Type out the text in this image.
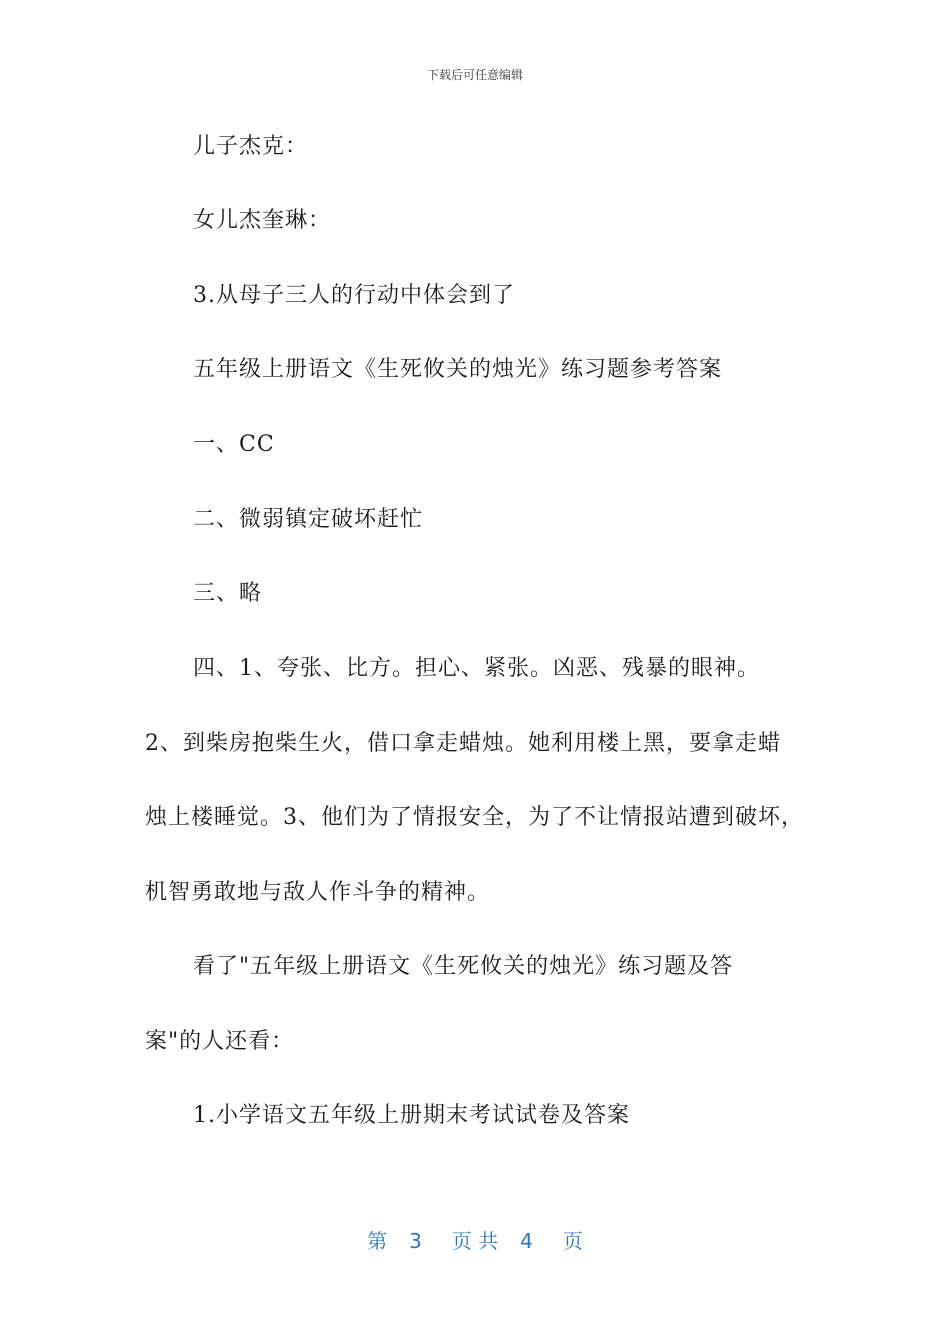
下载后可任意编辑
儿子杰克：
女儿杰奎琳：
3.从母子三人的行动中体会到了
五年级上册语文《生死攸关的烛光》练习题参考答案
一、CC
二、微弱镇定破坏赶忙
三、略
四、1、夸张、比方。担心、紧张。凶恶、残暴的眼神。
2、到柴房抱柴生火，借口拿走蜡烛。她利用楼上黑，要拿走蜡
烛上楼睡觉。3、他们为了情报安全，为了不让情报站遭到破坏，
机智勇敢地与敌人作斗争的精神。
看了"五年级上册语文《生死攸关的烛光》练习题及答
案"的人还看：
1.小学语文五年级上册期末考试试卷及答案
第 3 页 共 4 页
